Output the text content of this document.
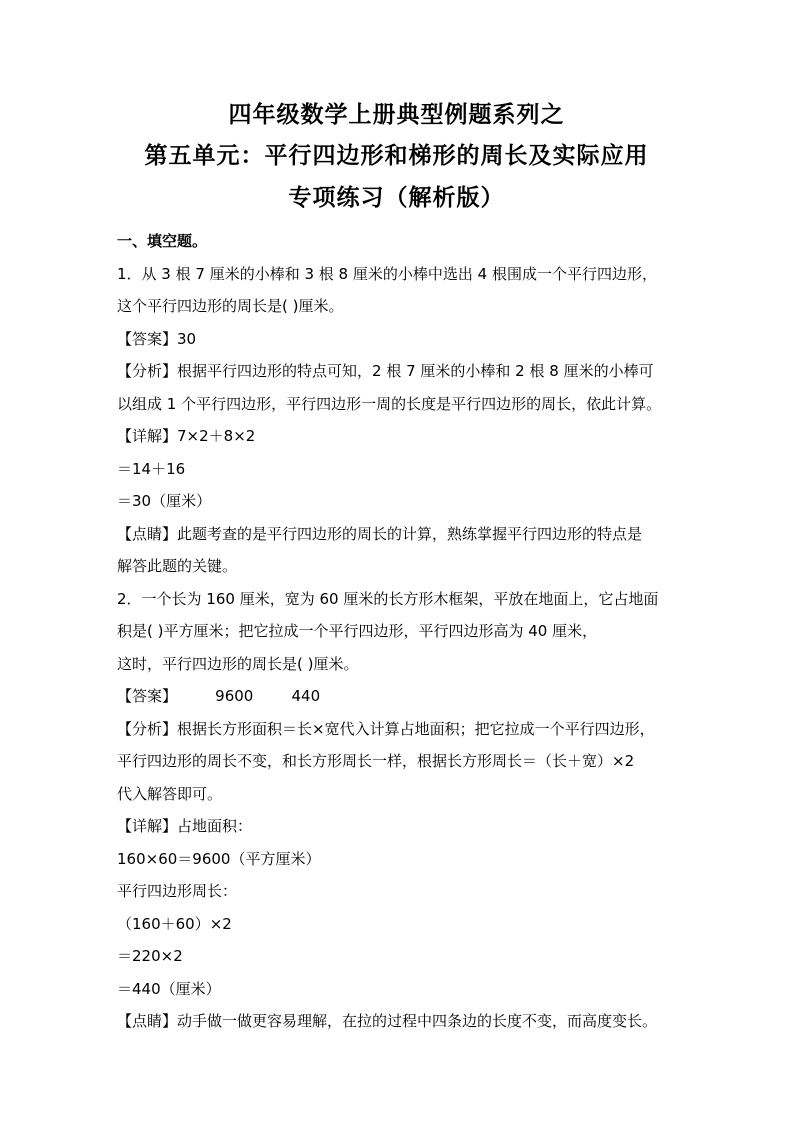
四年级数学上册典型例题系列之
第五单元：平行四边形和梯形的周长及实际应用
专项练习（解析版）
一、填空题。
1．从 3 根 7 厘米的小棒和 3 根 8 厘米的小棒中选出 4 根围成一个平行四边形，
这个平行四边形的周长是( )厘米。
【答案】30
【分析】根据平行四边形的特点可知，2 根 7 厘米的小棒和 2 根 8 厘米的小棒可
以组成 1 个平行四边形，平行四边形一周的长度是平行四边形的周长，依此计算。
【详解】7×2＋8×2
＝14＋16
＝30（厘米）
【点睛】此题考查的是平行四边形的周长的计算，熟练掌握平行四边形的特点是
解答此题的关键。
2．一个长为 160 厘米，宽为 60 厘米的长方形木框架，平放在地面上，它占地面
积是( )平方厘米；把它拉成一个平行四边形，平行四边形高为 40 厘米，
这时，平行四边形的周长是( )厘米。
【答案】        9600        440
【分析】根据长方形面积＝长×宽代入计算占地面积；把它拉成一个平行四边形，
平行四边形的周长不变，和长方形周长一样，根据长方形周长＝（长＋宽）×2
代入解答即可。
【详解】占地面积：
160×60＝9600（平方厘米）
平行四边形周长：
（160＋60）×2
＝220×2
＝440（厘米）
【点睛】动手做一做更容易理解，在拉的过程中四条边的长度不变，而高度变长。
